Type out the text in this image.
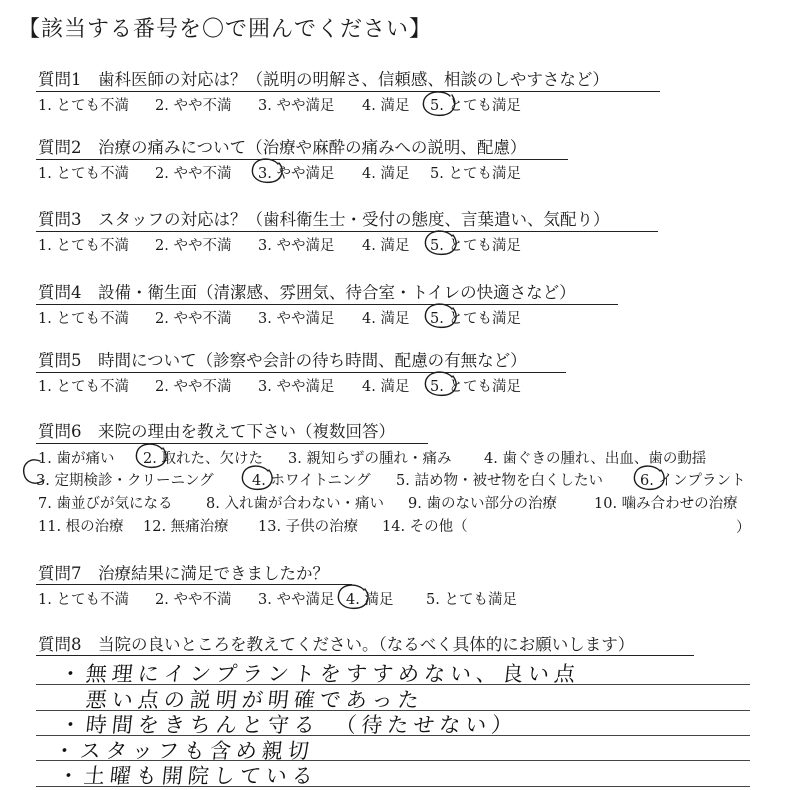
【該当する番号を〇で囲んでください】
質問1　歯科医師の対応は？（説明の明解さ、信頼感、相談のしやすさなど）
1. とても不満 2. やや不満 3. やや満足 4. 満足 5. とても満足
質問2　治療の痛みについて（治療や麻酔の痛みへの説明、配慮）
1. とても不満 2. やや不満 3. やや満足 4. 満足 5. とても満足
質問3　スタッフの対応は？（歯科衛生士・受付の態度、言葉遣い、気配り）
1. とても不満 2. やや不満 3. やや満足 4. 満足 5. とても満足
質問4　設備・衛生面（清潔感、雰囲気、待合室・トイレの快適さなど）
1. とても不満 2. やや不満 3. やや満足 4. 満足 5. とても満足
質問5　時間について（診察や会計の待ち時間、配慮の有無など）
1. とても不満 2. やや不満 3. やや満足 4. 満足 5. とても満足
質問6　来院の理由を教えて下さい（複数回答）
1. 歯が痛い 2. 取れた、欠けた 3. 親知らずの腫れ・痛み 4. 歯ぐきの腫れ、出血、歯の動揺
3. 定期検診・クリーニング	4. ホワイトニング 5. 詰め物・被せ物を白くしたい	6. インプラント
7. 歯並びが気になる 8. 入れ歯が合わない・痛い 9. 歯のない部分の治療	10. 噛み合わせの治療
11. 根の治療 12. 無痛治療 13. 子供の治療 14. その他（	）
質問7　治療結果に満足できましたか？
1. とても不満 2. やや不満 3. やや満足 4. 満足 5. とても満足
質問8　当院の良いところを教えてください。（なるべく具体的にお願いします）
・無理にインプラントをすすめない、良い点
悪い点の説明が明確であった
・時間をきちんと守る　（待たせない）
・スタッフも含め親切
・土曜も開院している
